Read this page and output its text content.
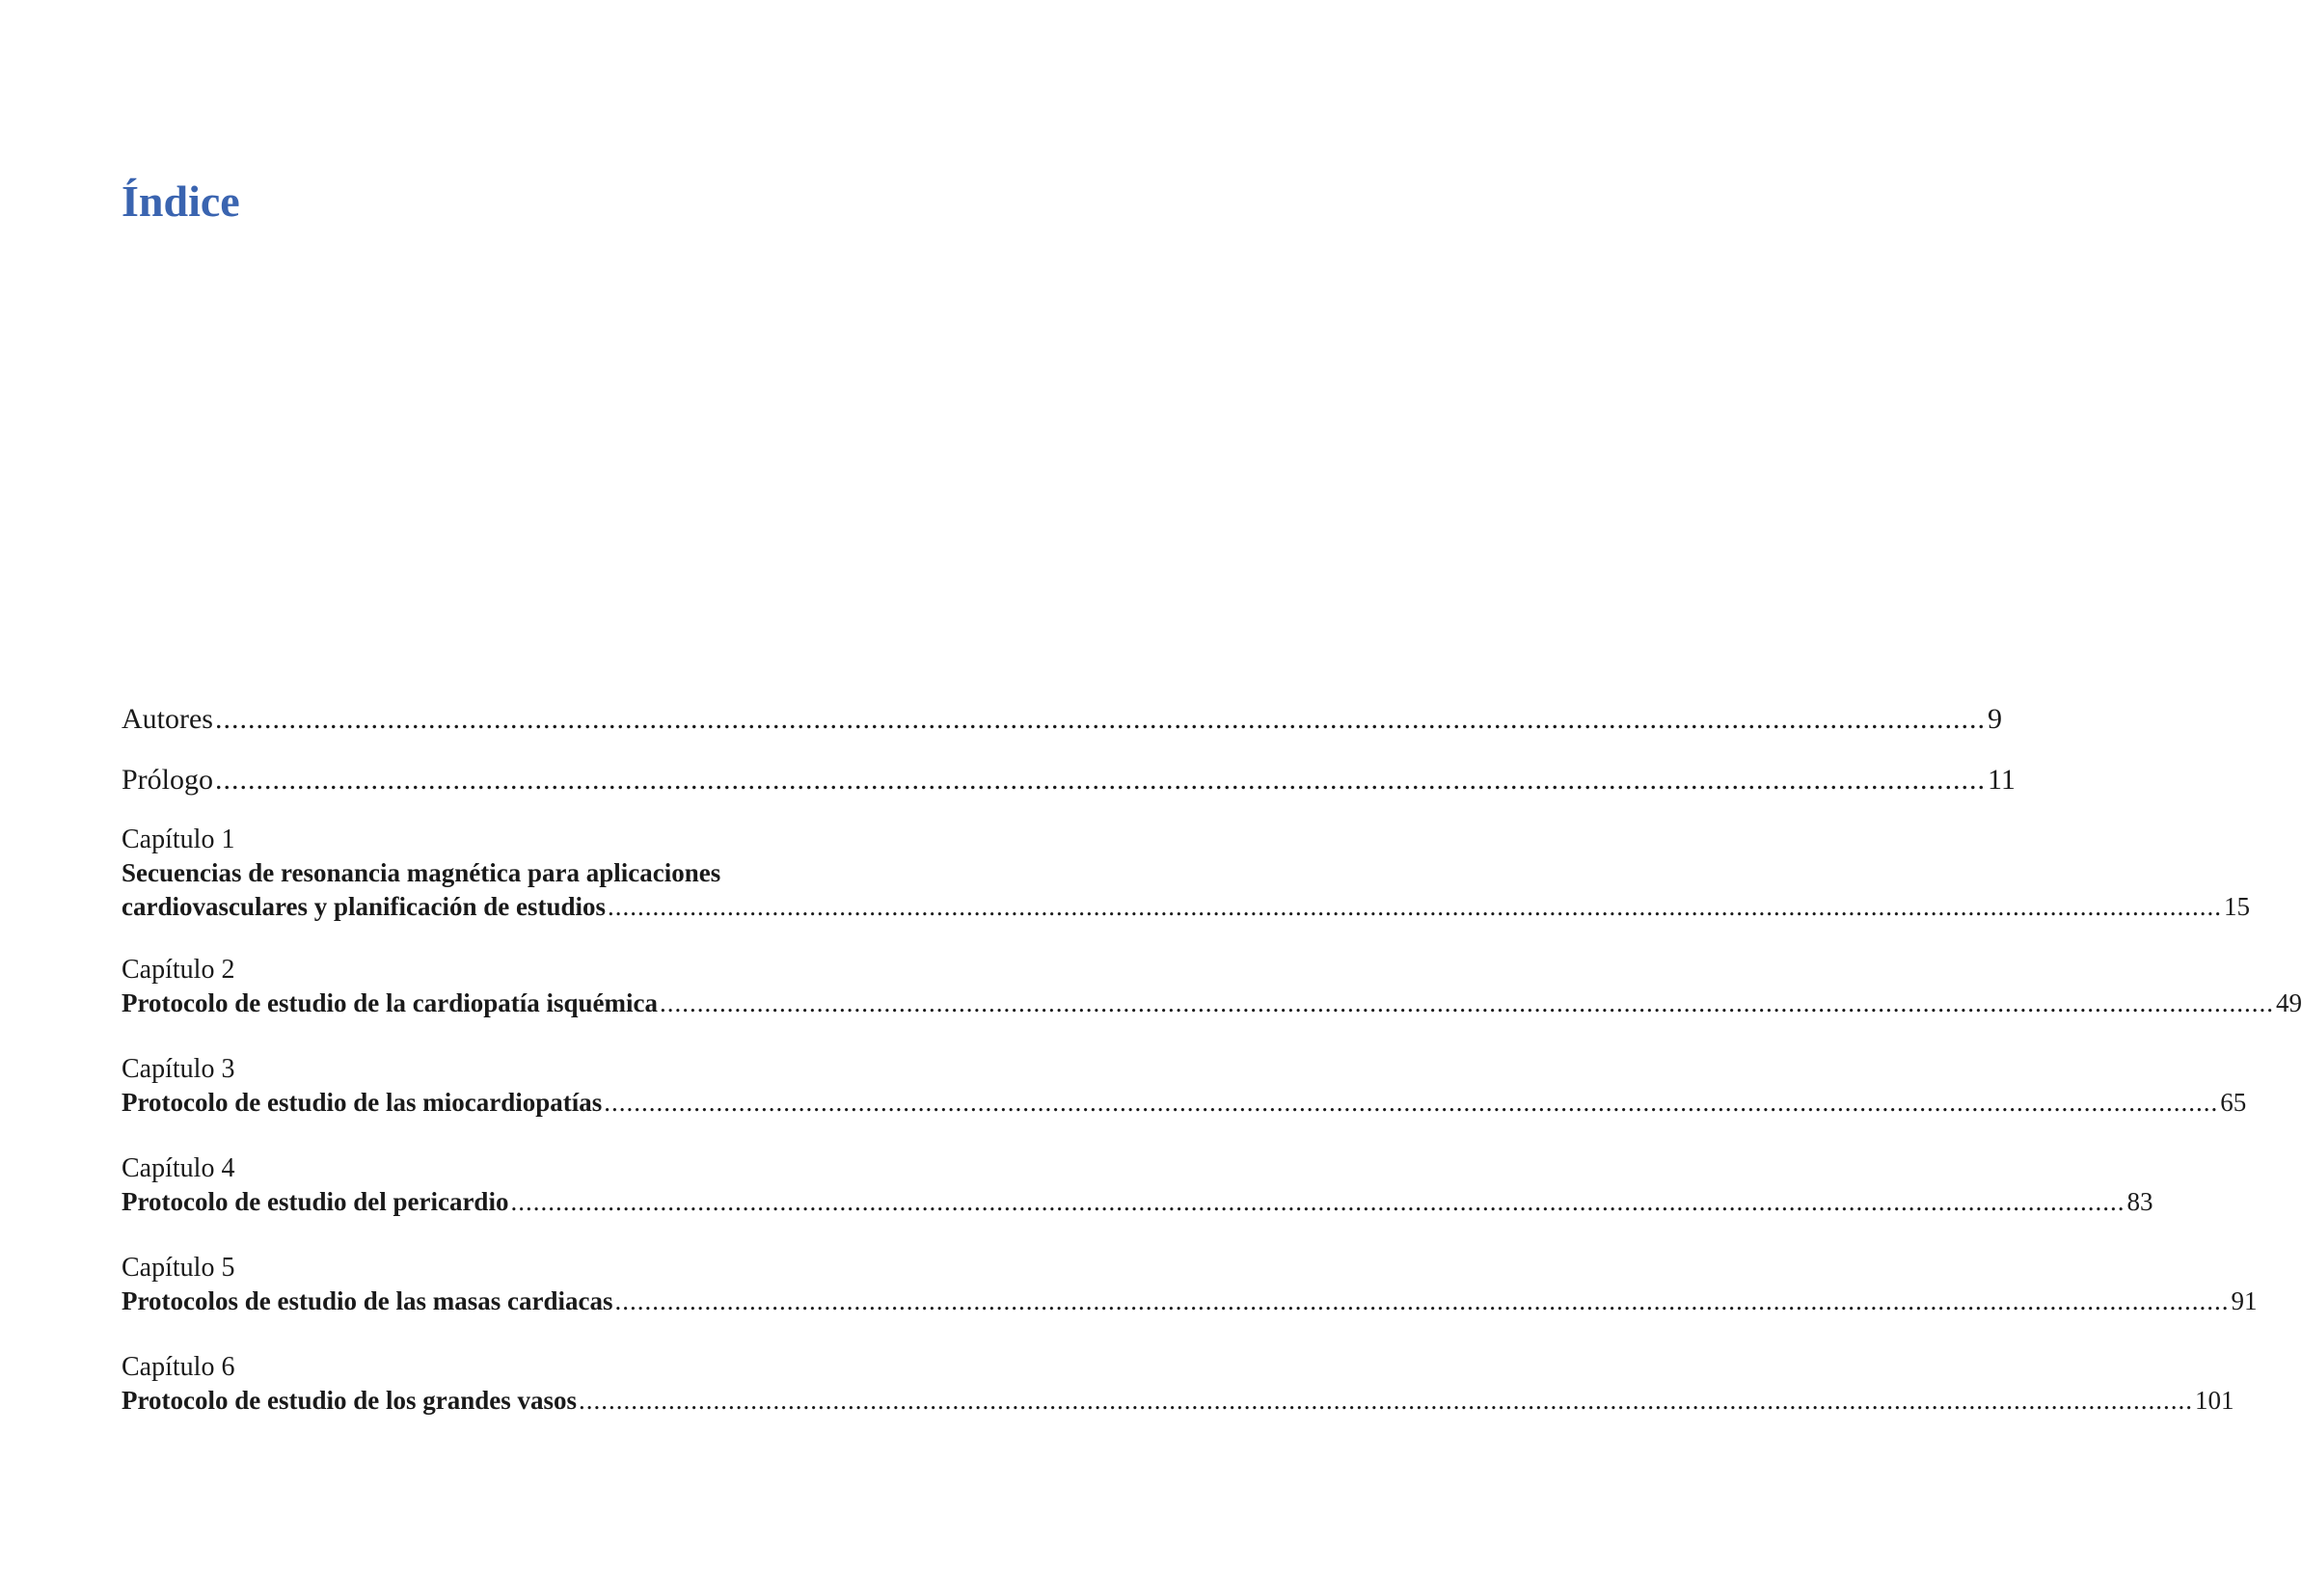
Índice
Autores ........................................................................................................................................................................................................................ 9
Prólogo ........................................................................................................................................................................................................................ 11
Capítulo 1
Secuencias de resonancia magnética para aplicaciones
cardiovasculares y planificación de estudios ........................................................................................................................................................................................................................ 15
Capítulo 2
Protocolo de estudio de la cardiopatía isquémica ........................................................................................................................................................................................................................ 49
Capítulo 3
Protocolo de estudio de las miocardiopatías ........................................................................................................................................................................................................................ 65
Capítulo 4
Protocolo de estudio del pericardio ........................................................................................................................................................................................................................ 83
Capítulo 5
Protocolos de estudio de las masas cardiacas ........................................................................................................................................................................................................................ 91
Capítulo 6
Protocolo de estudio de los grandes vasos ........................................................................................................................................................................................................................ 101
